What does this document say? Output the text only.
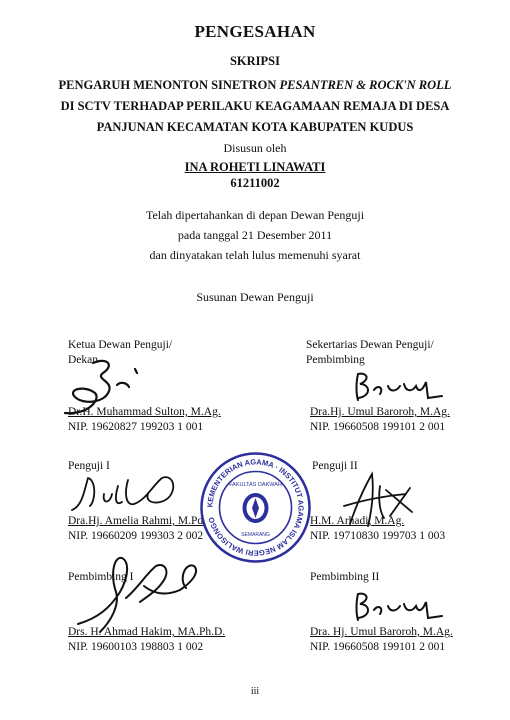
PENGESAHAN
SKRIPSI
PENGARUH MENONTON SINETRON PESANTREN & ROCK'N ROLL
DI SCTV TERHADAP PERILAKU KEAGAMAAN REMAJA DI DESA
PANJUNAN KECAMATAN KOTA KABUPATEN KUDUS
Disusun oleh
INA ROHETI LINAWATI
61211002
Telah dipertahankan di depan Dewan Penguji
pada tanggal 21 Desember 2011
dan dinyatakan telah lulus memenuhi syarat
Susunan Dewan Penguji
Ketua Dewan Penguji/
Dekan
Dr.H. Muhammad Sulton, M.Ag.
NIP. 19620827 199203 1 001
Sekertarias Dewan Penguji/
Pembimbing
Dra.Hj. Umul Baroroh, M.Ag.
NIP. 19660508 199101 2 001
Penguji I
Dra.Hj. Amelia Rahmi, M.Pd.
NIP. 19660209 199303 2 002
Penguji II
H.M. Arhadi, M.Ag.
NIP. 19710830 199703 1 003
Pembimbing I
Drs. H. Ahmad Hakim, MA.Ph.D.
NIP. 19600103 198803 1 002
Pembimbing II
Dra. Hj. Umul Baroroh, M.Ag.
NIP. 19660508 199101 2 001
KEMENTERIAN AGAMA · INSTITUT AGAMA ISLAM NEGERI WALISONGO
FAKULTAS DAKWAH
SEMARANG
iii
